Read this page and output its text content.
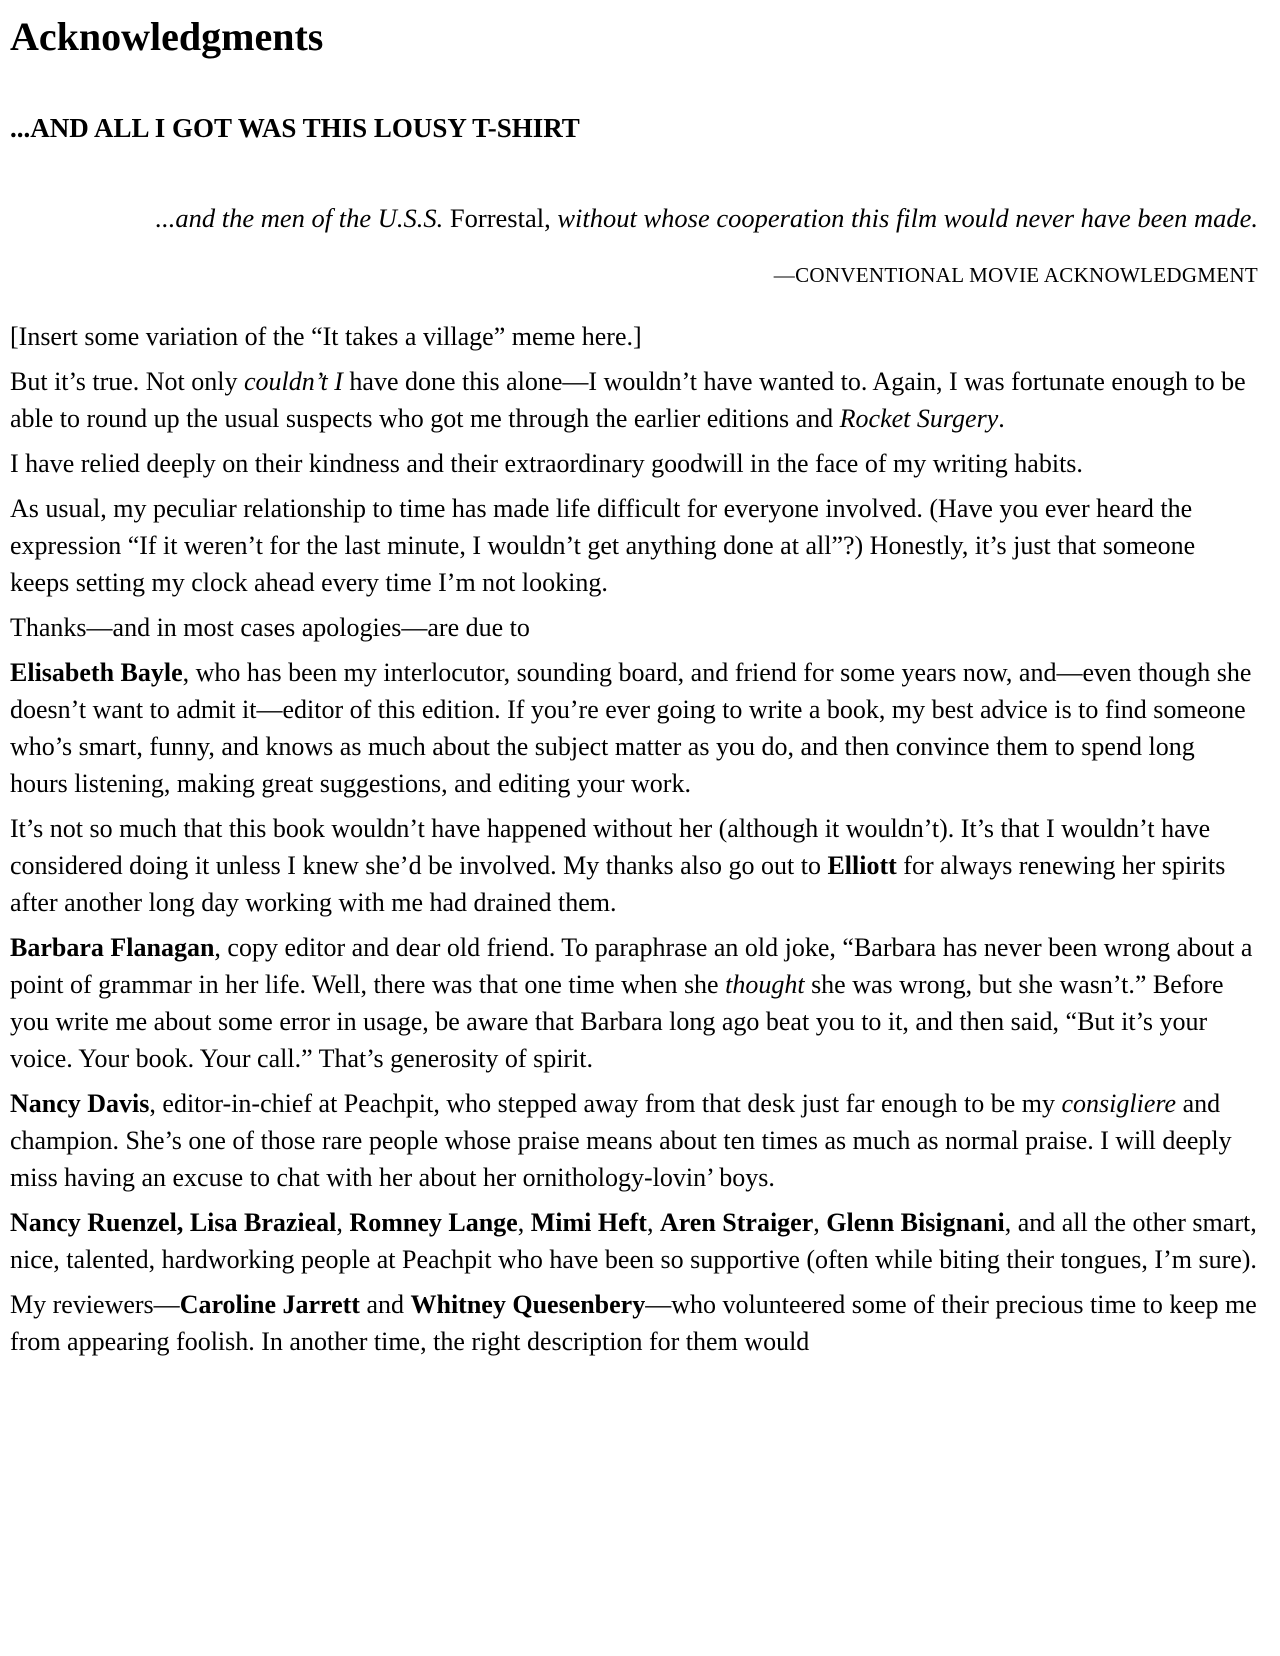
Acknowledgments
...AND ALL I GOT WAS THIS LOUSY T-SHIRT

...and the men of the U.S.S. Forrestal, without whose cooperation this film would never have been made.

—CONVENTIONAL MOVIE ACKNOWLEDGMENT

[Insert some variation of the “It takes a village” meme here.]

But it’s true. Not only couldn’t I have done this alone—I wouldn’t have wanted to. Again, I was fortunate enough to be able to round up the usual suspects who got me through the earlier editions and Rocket Surgery.

I have relied deeply on their kindness and their extraordinary goodwill in the face of my writing habits.

As usual, my peculiar relationship to time has made life difficult for everyone involved. (Have you ever heard the expression “If it weren’t for the last minute, I wouldn’t get anything done at all”?) Honestly, it’s just that someone keeps setting my clock ahead every time I’m not looking.

Thanks—and in most cases apologies—are due to

Elisabeth Bayle, who has been my interlocutor, sounding board, and friend for some years now, and—even though she doesn’t want to admit it—editor of this edition. If you’re ever going to write a book, my best advice is to find someone who’s smart, funny, and knows as much about the subject matter as you do, and then convince them to spend long hours listening, making great suggestions, and editing your work.

It’s not so much that this book wouldn’t have happened without her (although it wouldn’t). It’s that I wouldn’t have considered doing it unless I knew she’d be involved. My thanks also go out to Elliott for always renewing her spirits after another long day working with me had drained them.

Barbara Flanagan, copy editor and dear old friend. To paraphrase an old joke, “Barbara has never been wrong about a point of grammar in her life. Well, there was that one time when she thought she was wrong, but she wasn’t.” Before you write me about some error in usage, be aware that Barbara long ago beat you to it, and then said, “But it’s your voice. Your book. Your call.” That’s generosity of spirit.

Nancy Davis, editor-in-chief at Peachpit, who stepped away from that desk just far enough to be my consigliere and champion. She’s one of those rare people whose praise means about ten times as much as normal praise. I will deeply miss having an excuse to chat with her about her ornithology-lovin’ boys.

Nancy Ruenzel, Lisa Brazieal, Romney Lange, Mimi Heft, Aren Straiger, Glenn Bisignani, and all the other smart, nice, talented, hardworking people at Peachpit who have been so supportive (often while biting their tongues, I’m sure).

My reviewers—Caroline Jarrett and Whitney Quesenbery—who volunteered some of their precious time to keep me from appearing foolish. In another time, the right description for them would
